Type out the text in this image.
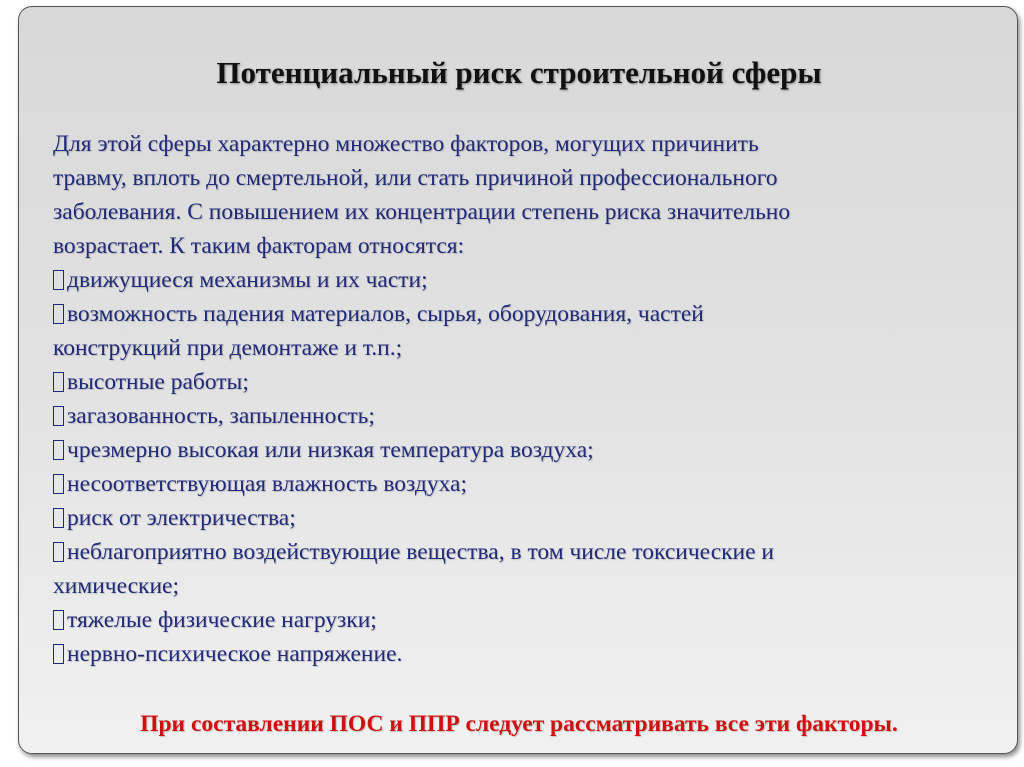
Потенциальный риск строительной сферы
Для этой сферы характерно множество факторов, могущих причинить
травму, вплоть до смертельной, или стать причиной профессионального
заболевания. С повышением их концентрации степень риска значительно
возрастает. К таким факторам относятся:
движущиеся механизмы и их части;
возможность падения материалов, сырья, оборудования, частей
конструкций при демонтаже и т.п.;
высотные работы;
загазованность, запыленность;
чрезмерно высокая или низкая температура воздуха;
несоответствующая влажность воздуха;
риск от электричества;
неблагоприятно воздействующие вещества, в том числе токсические и
химические;
тяжелые физические нагрузки;
нервно-психическое напряжение.
При составлении ПОС и ППР следует рассматривать все эти факторы.
